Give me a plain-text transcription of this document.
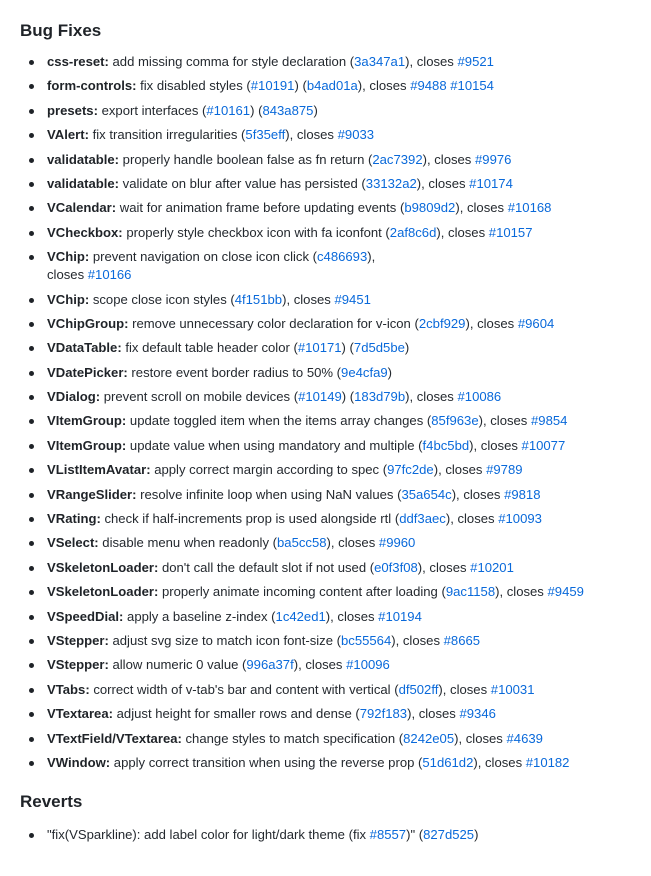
Bug Fixes
css-reset: add missing comma for style declaration (3a347a1), closes #9521
form-controls: fix disabled styles (#10191) (b4ad01a), closes #9488 #10154
presets: export interfaces (#10161) (843a875)
VAlert: fix transition irregularities (5f35eff), closes #9033
validatable: properly handle boolean false as fn return (2ac7392), closes #9976
validatable: validate on blur after value has persisted (33132a2), closes #10174
VCalendar: wait for animation frame before updating events (b9809d2), closes #10168
VCheckbox: properly style checkbox icon with fa iconfont (2af8c6d), closes #10157
VChip: prevent navigation on close icon click (c486693), closes #10166
VChip: scope close icon styles (4f151bb), closes #9451
VChipGroup: remove unnecessary color declaration for v-icon (2cbf929), closes #9604
VDataTable: fix default table header color (#10171) (7d5d5be)
VDatePicker: restore event border radius to 50% (9e4cfa9)
VDialog: prevent scroll on mobile devices (#10149) (183d79b), closes #10086
VItemGroup: update toggled item when the items array changes (85f963e), closes #9854
VItemGroup: update value when using mandatory and multiple (f4bc5bd), closes #10077
VListItemAvatar: apply correct margin according to spec (97fc2de), closes #9789
VRangeSlider: resolve infinite loop when using NaN values (35a654c), closes #9818
VRating: check if half-increments prop is used alongside rtl (ddf3aec), closes #10093
VSelect: disable menu when readonly (ba5cc58), closes #9960
VSkeletonLoader: don't call the default slot if not used (e0f3f08), closes #10201
VSkeletonLoader: properly animate incoming content after loading (9ac1158), closes #9459
VSpeedDial: apply a baseline z-index (1c42ed1), closes #10194
VStepper: adjust svg size to match icon font-size (bc55564), closes #8665
VStepper: allow numeric 0 value (996a37f), closes #10096
VTabs: correct width of v-tab's bar and content with vertical (df502ff), closes #10031
VTextarea: adjust height for smaller rows and dense (792f183), closes #9346
VTextField/VTextarea: change styles to match specification (8242e05), closes #4639
VWindow: apply correct transition when using the reverse prop (51d61d2), closes #10182
Reverts
"fix(VSparkline): add label color for light/dark theme (fix #8557)" (827d525)
